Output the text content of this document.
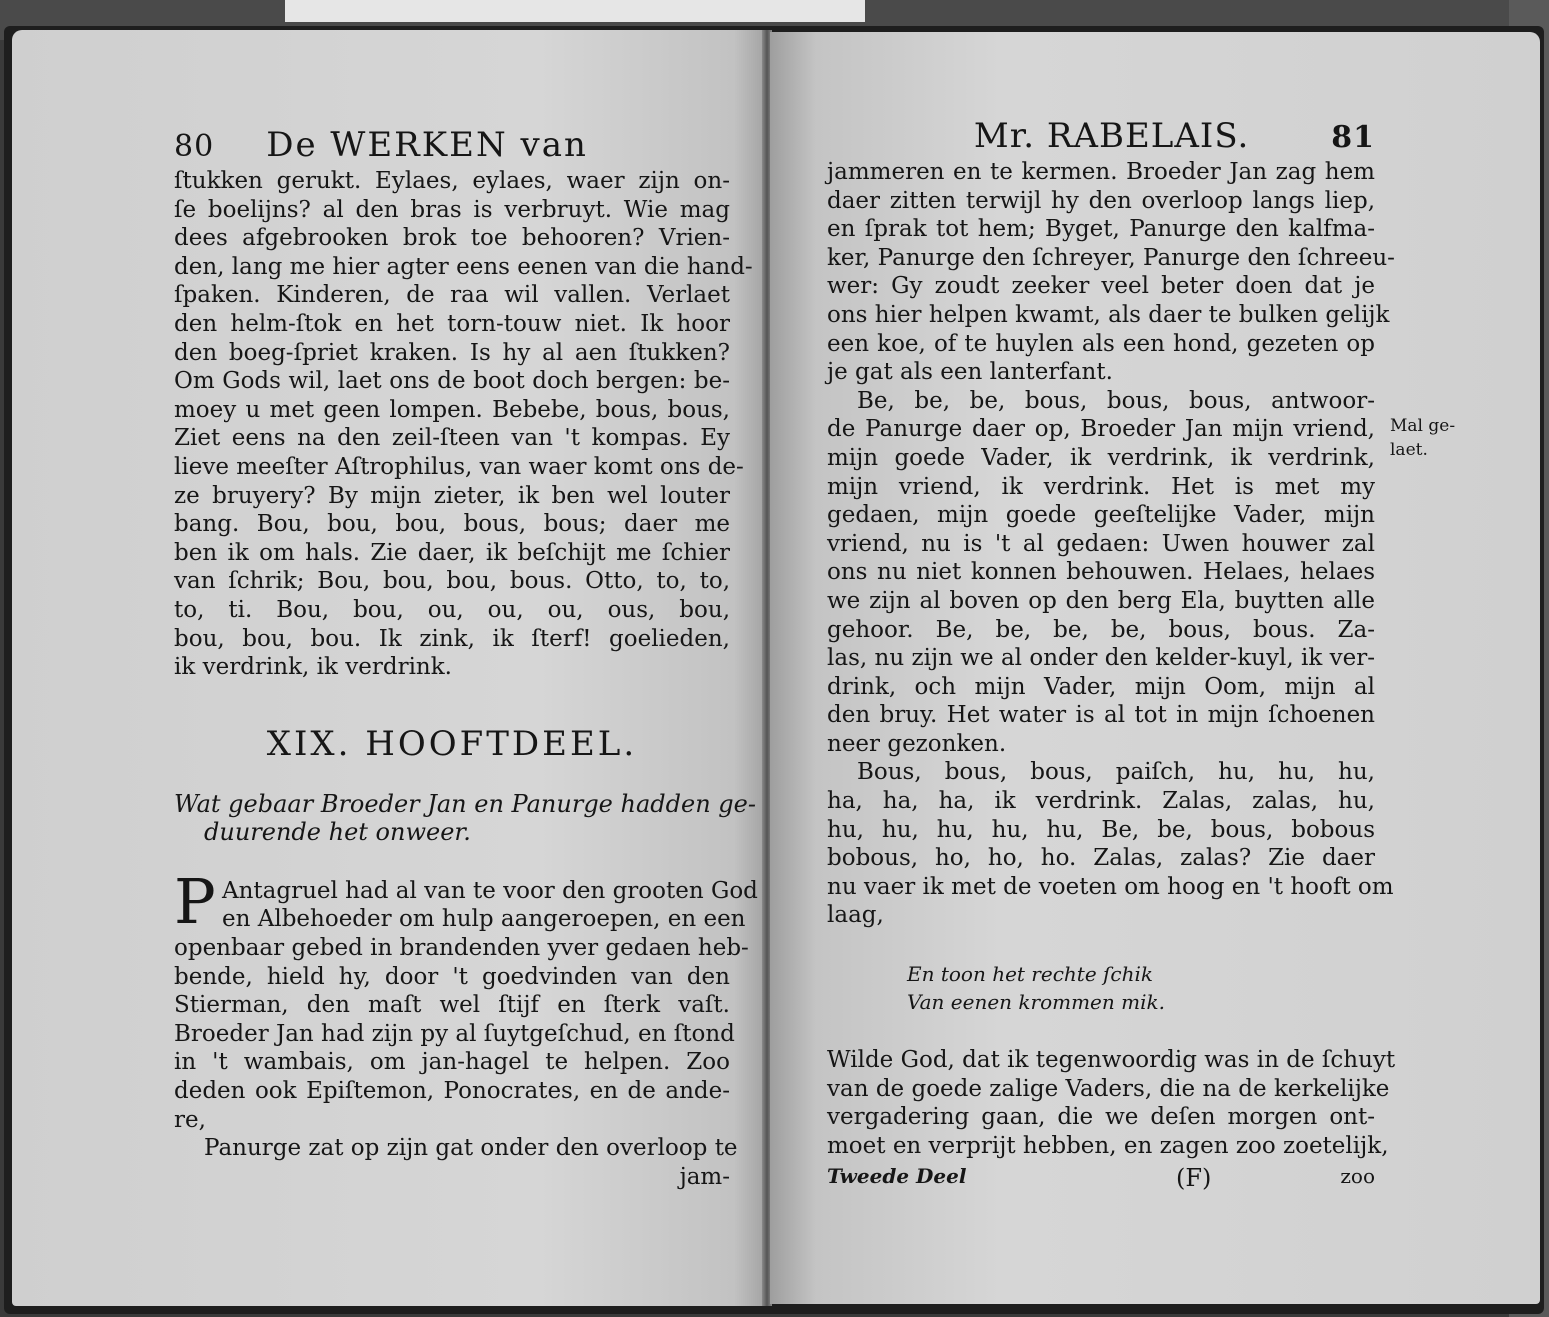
80 De WERKEN van
ſtukken gerukt. Eylaes, eylaes, waer zijn on-
ſe boelijns? al den bras is verbruyt. Wie mag
dees afgebrooken brok toe behooren? Vrien-
den, lang me hier agter eens eenen van die hand-
ſpaken. Kinderen, de raa wil vallen. Verlaet
den helm-ſtok en het torn-touw niet. Ik hoor
den boeg-ſpriet kraken. Is hy al aen ſtukken?
Om Gods wil, laet ons de boot doch bergen: be-
moey u met geen lompen. Bebebe, bous, bous,
Ziet eens na den zeil-ſteen van 't kompas. Ey
lieve meeſter Aſtrophilus, van waer komt ons de-
ze bruyery? By mijn zieter, ik ben wel louter
bang. Bou, bou, bou, bous, bous; daer me
ben ik om hals. Zie daer, ik beſchijt me ſchier
van ſchrik; Bou, bou, bou, bous. Otto, to, to,
to, ti. Bou, bou, ou, ou, ou, ous, bou,
bou, bou, bou. Ik zink, ik ſterf! goelieden,
ik verdrink, ik verdrink.
XIX. HOOFTDEEL.
Wat gebaar Broeder Jan en Panurge hadden ge-
duurende het onweer.
P Antagruel had al van te voor den grooten God
en Albehoeder om hulp aangeroepen, en een
openbaar gebed in brandenden yver gedaen heb-
bende, hield hy, door 't goedvinden van den
Stierman, den maſt wel ſtijf en ſterk vaſt.
Broeder Jan had zijn py al ſuytgeſchud, en ſtond
in 't wambais, om jan-hagel te helpen. Zoo
deden ook Epiſtemon, Ponocrates, en de ande-
re,
Panurge zat op zijn gat onder den overloop te
jam-
Mr. RABELAIS.	81
jammeren en te kermen. Broeder Jan zag hem
daer zitten terwijl hy den overloop langs liep,
en ſprak tot hem; Byget, Panurge den kalfma-
ker, Panurge den ſchreyer, Panurge den ſchreeu-
wer: Gy zoudt zeeker veel beter doen dat je
ons hier helpen kwamt, als daer te bulken gelijk
een koe, of te huylen als een hond, gezeten op
je gat als een lanterfant.
Be, be, be, bous, bous, bous, antwoor-
de Panurge daer op, Broeder Jan mijn vriend,
mijn goede Vader, ik verdrink, ik verdrink,
mijn vriend, ik verdrink. Het is met my
gedaen, mijn goede geeſtelijke Vader, mijn
vriend, nu is 't al gedaen: Uwen houwer zal
ons nu niet konnen behouwen. Helaes, helaes
we zijn al boven op den berg Ela, buytten alle
gehoor. Be, be, be, be, bous, bous. Za-
las, nu zijn we al onder den kelder-kuyl, ik ver-
drink, och mijn Vader, mijn Oom, mijn al
den bruy. Het water is al tot in mijn ſchoenen
neer gezonken.
Bous, bous, bous, paiſch, hu, hu, hu,
ha, ha, ha, ik verdrink. Zalas, zalas, hu,
hu, hu, hu, hu, hu, Be, be, bous, bobous
bobous, ho, ho, ho. Zalas, zalas? Zie daer
nu vaer ik met de voeten om hoog en 't hooft om
laag,
En toon het rechte ſchik
Van eenen krommen mik.
Wilde God, dat ik tegenwoordig was in de ſchuyt
van de goede zalige Vaders, die na de kerkelijke
vergadering gaan, die we deſen morgen ont-
moet en verprijt hebben, en zagen zoo zoetelijk,
Tweede Deel	(F)	zoo
Mal ge-
laet.
